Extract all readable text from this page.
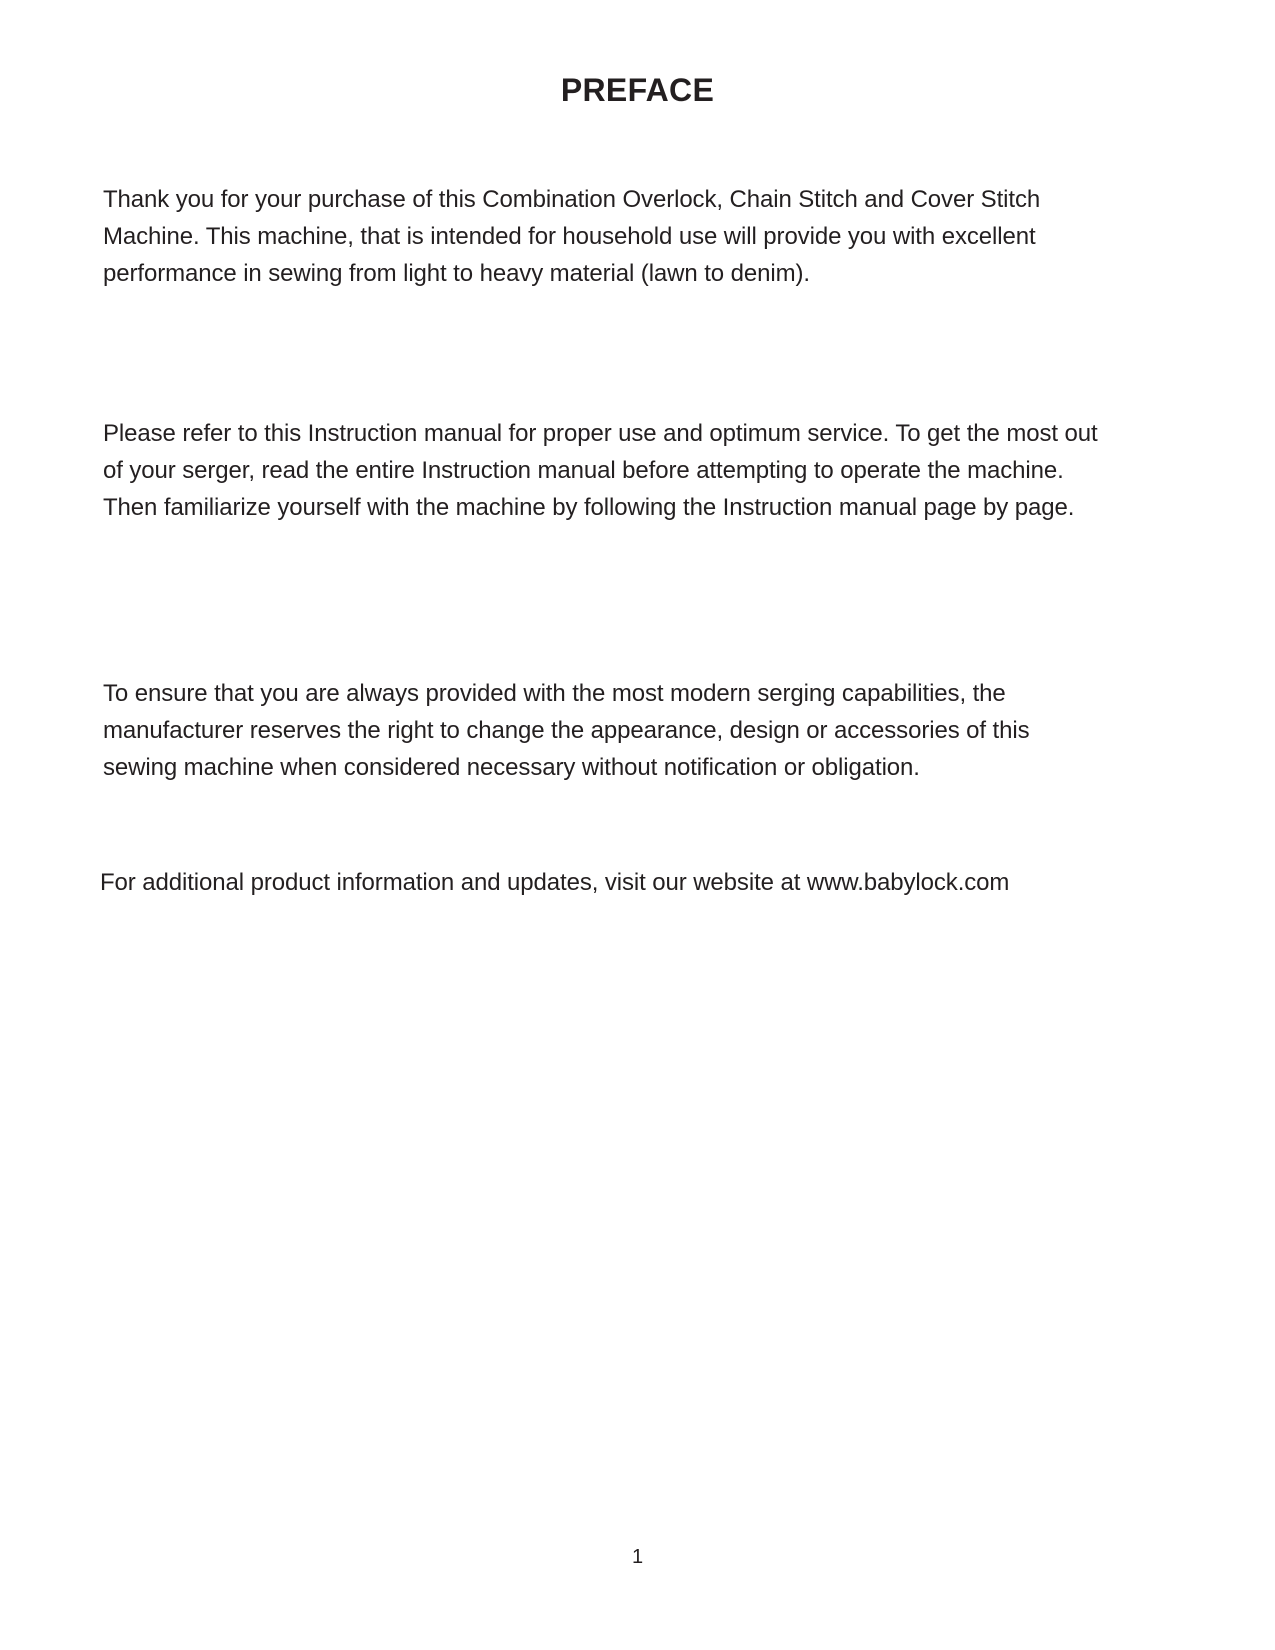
PREFACE

Thank you for your purchase of this Combination Overlock, Chain Stitch and Cover Stitch
Machine. This machine, that is intended for household use will provide you with excellent
performance in sewing from light to heavy material (lawn to denim).

Please refer to this Instruction manual for proper use and optimum service. To get the most out
of your serger, read the entire Instruction manual before attempting to operate the machine.
Then familiarize yourself with the machine by following the Instruction manual page by page.

To ensure that you are always provided with the most modern serging capabilities, the
manufacturer reserves the right to change the appearance, design or accessories of this
sewing machine when considered necessary without notification or obligation.

For additional product information and updates, visit our website at www.babylock.com

1
